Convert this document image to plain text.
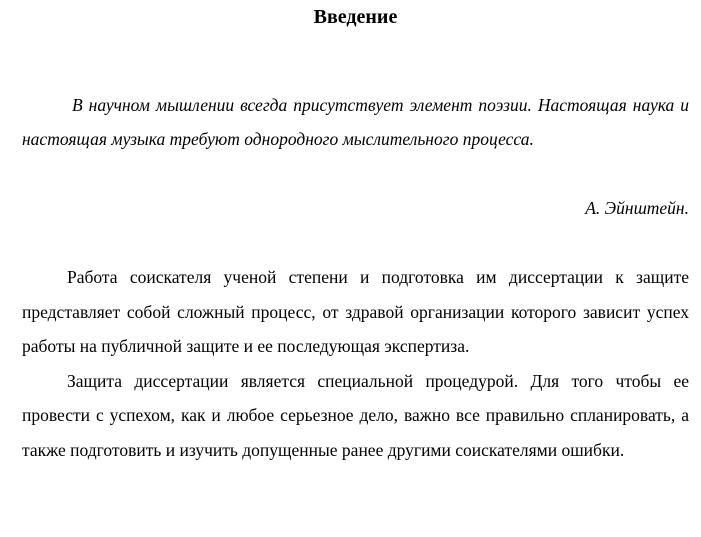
Введение
В научном мышлении всегда присутствует элемент поэзии. Настоящая наука и настоящая музыка требуют однородного мыслительного процесса.
А. Эйнштейн.

Работа соискателя ученой степени и подготовка им диссертации к защите представляет собой сложный процесс, от здравой организации которого зависит успех работы на публичной защите и ее последующая экспертиза.

Защита диссертации является специальной процедурой. Для того чтобы ее провести с успехом, как и любое серьезное дело, важно все правильно спланировать, а также подготовить и изучить допущенные ранее другими соискателями ошибки.
